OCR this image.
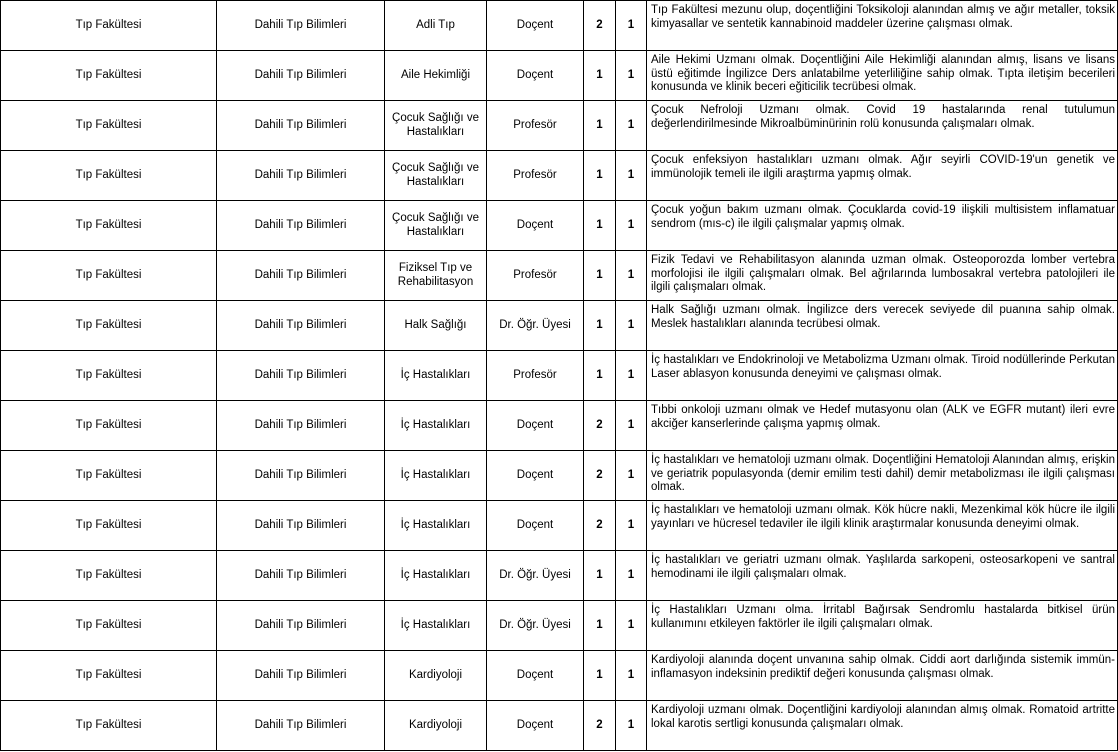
Tıp Fakültesi	Dahili Tıp Bilimleri	Adli Tıp	Doçent	2	1	Tıp Fakültesi mezunu olup, doçentliğini Toksikoloji alanından almış ve ağır metaller, toksik kimyasallar ve sentetik kannabinoid maddeler üzerine çalışması olmak.
Tıp Fakültesi	Dahili Tıp Bilimleri	Aile Hekimliği	Doçent	1	1	Aile Hekimi Uzmanı olmak. Doçentliğini Aile Hekimliği alanından almış, lisans ve lisans üstü eğitimde İngilizce Ders anlatabilme yeterliliğine sahip olmak. Tıpta iletişim becerileri konusunda ve klinik beceri eğiticilik tecrübesi olmak.
Tıp Fakültesi	Dahili Tıp Bilimleri	Çocuk Sağlığı ve Hastalıkları	Profesör	1	1	Çocuk Nefroloji Uzmanı olmak. Covid 19 hastalarında renal tutulumun değerlendirilmesinde Mikroalbüminürinin rolü konusunda çalışmaları olmak.
Tıp Fakültesi	Dahili Tıp Bilimleri	Çocuk Sağlığı ve Hastalıkları	Profesör	1	1	Çocuk enfeksiyon hastalıkları uzmanı olmak. Ağır seyirli COVID-19'un genetik ve immünolojik temeli ile ilgili araştırma yapmış olmak.
Tıp Fakültesi	Dahili Tıp Bilimleri	Çocuk Sağlığı ve Hastalıkları	Doçent	1	1	Çocuk yoğun bakım uzmanı olmak. Çocuklarda covid-19 ilişkili multisistem inflamatuar sendrom (mıs-c) ile ilgili çalışmalar yapmış olmak.
Tıp Fakültesi	Dahili Tıp Bilimleri	Fiziksel Tıp ve Rehabilitasyon	Profesör	1	1	Fizik Tedavi ve Rehabilitasyon alanında uzman olmak. Osteoporozda lomber vertebra morfolojisi ile ilgili çalışmaları olmak. Bel ağrılarında lumbosakral vertebra patolojileri ile ilgili çalışmaları olmak.
Tıp Fakültesi	Dahili Tıp Bilimleri	Halk Sağlığı	Dr. Öğr. Üyesi	1	1	Halk Sağlığı uzmanı olmak. İngilizce ders verecek seviyede dil puanına sahip olmak. Meslek hastalıkları alanında tecrübesi olmak.
Tıp Fakültesi	Dahili Tıp Bilimleri	İç Hastalıkları	Profesör	1	1	İç hastalıkları ve Endokrinoloji ve Metabolizma Uzmanı olmak. Tiroid nodüllerinde Perkutan Laser ablasyon konusunda deneyimi ve çalışması olmak.
Tıp Fakültesi	Dahili Tıp Bilimleri	İç Hastalıkları	Doçent	2	1	Tıbbi onkoloji uzmanı olmak ve Hedef mutasyonu olan (ALK ve EGFR mutant) ileri evre akciğer kanserlerinde çalışma yapmış olmak.
Tıp Fakültesi	Dahili Tıp Bilimleri	İç Hastalıkları	Doçent	2	1	İç hastalıkları ve hematoloji uzmanı olmak. Doçentliğini Hematoloji Alanından almış, erişkin ve geriatrik populasyonda (demir emilim testi dahil) demir metabolizması ile ilgili çalışması olmak.
Tıp Fakültesi	Dahili Tıp Bilimleri	İç Hastalıkları	Doçent	2	1	İç hastalıkları ve hematoloji uzmanı olmak. Kök hücre nakli, Mezenkimal kök hücre ile ilgili yayınları ve hücresel tedaviler ile ilgili klinik araştırmalar konusunda deneyimi olmak.
Tıp Fakültesi	Dahili Tıp Bilimleri	İç Hastalıkları	Dr. Öğr. Üyesi	1	1	İç hastalıkları ve geriatri uzmanı olmak. Yaşlılarda sarkopeni, osteosarkopeni ve santral hemodinami ile ilgili çalışmaları olmak.
Tıp Fakültesi	Dahili Tıp Bilimleri	İç Hastalıkları	Dr. Öğr. Üyesi	1	1	İç Hastalıkları Uzmanı olma. İrritabl Bağırsak Sendromlu hastalarda bitkisel ürün kullanımını etkileyen faktörler ile ilgili çalışmaları olmak.
Tıp Fakültesi	Dahili Tıp Bilimleri	Kardiyoloji	Doçent	1	1	Kardiyoloji alanında doçent unvanına sahip olmak. Ciddi aort darlığında sistemik immün-inflamasyon indeksinin prediktif değeri konusunda çalışması olmak.
Tıp Fakültesi	Dahili Tıp Bilimleri	Kardiyoloji	Doçent	2	1	Kardiyoloji uzmanı olmak. Doçentliğini kardiyoloji alanından almış olmak. Romatoid artritte lokal karotis sertligi konusunda çalışmaları olmak.
